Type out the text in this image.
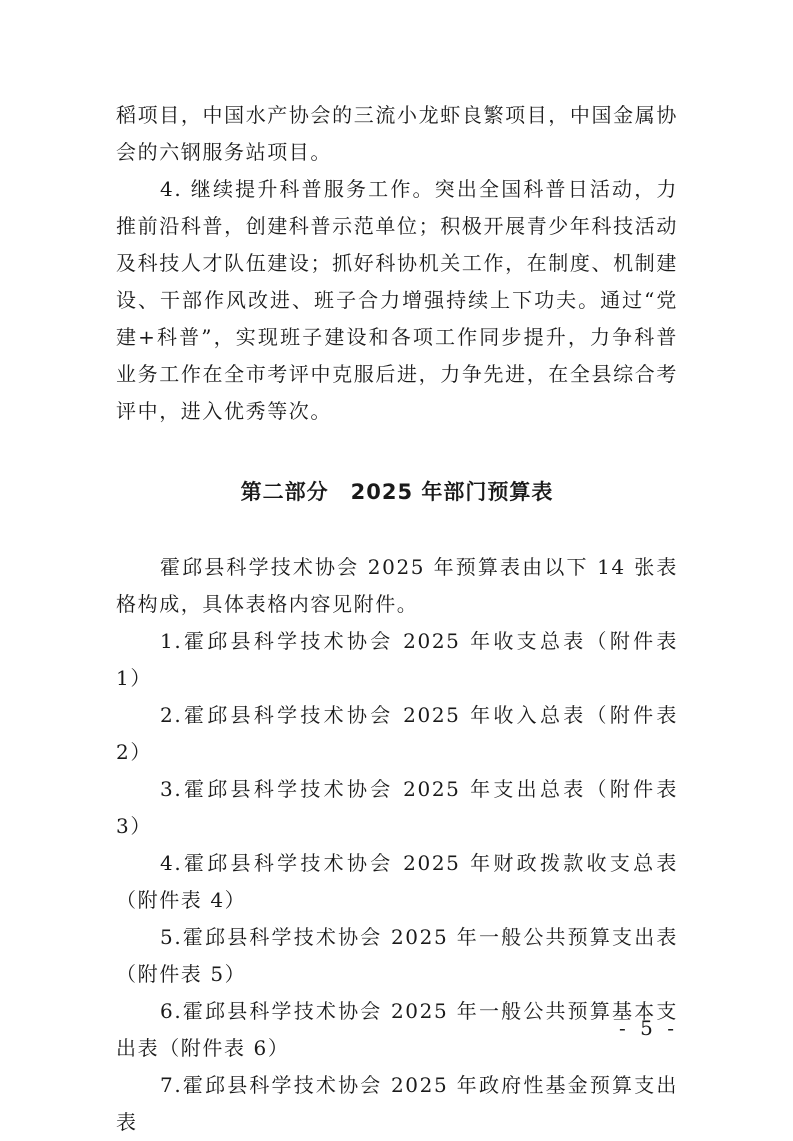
稻项目，中国水产协会的三流小龙虾良繁项目，中国金属协会的六钢服务站项目。

4. 继续提升科普服务工作。突出全国科普日活动，力推前沿科普，创建科普示范单位；积极开展青少年科技活动及科技人才队伍建设；抓好科协机关工作，在制度、机制建设、干部作风改进、班子合力增强持续上下功夫。通过“党建+科普”，实现班子建设和各项工作同步提升，力争科普业务工作在全市考评中克服后进，力争先进，在全县综合考评中，进入优秀等次。

第二部分 2025 年部门预算表

霍邱县科学技术协会 2025 年预算表由以下 14 张表格构成，具体表格内容见附件。

1.霍邱县科学技术协会 2025 年收支总表（附件表 1）

2.霍邱县科学技术协会 2025 年收入总表（附件表 2）

3.霍邱县科学技术协会 2025 年支出总表（附件表 3）

4.霍邱县科学技术协会 2025 年财政拨款收支总表（附件表 4）

5.霍邱县科学技术协会 2025 年一般公共预算支出表（附件表 5）

6.霍邱县科学技术协会 2025 年一般公共预算基本支出表（附件表 6）

7.霍邱县科学技术协会 2025 年政府性基金预算支出表

- 5 -
